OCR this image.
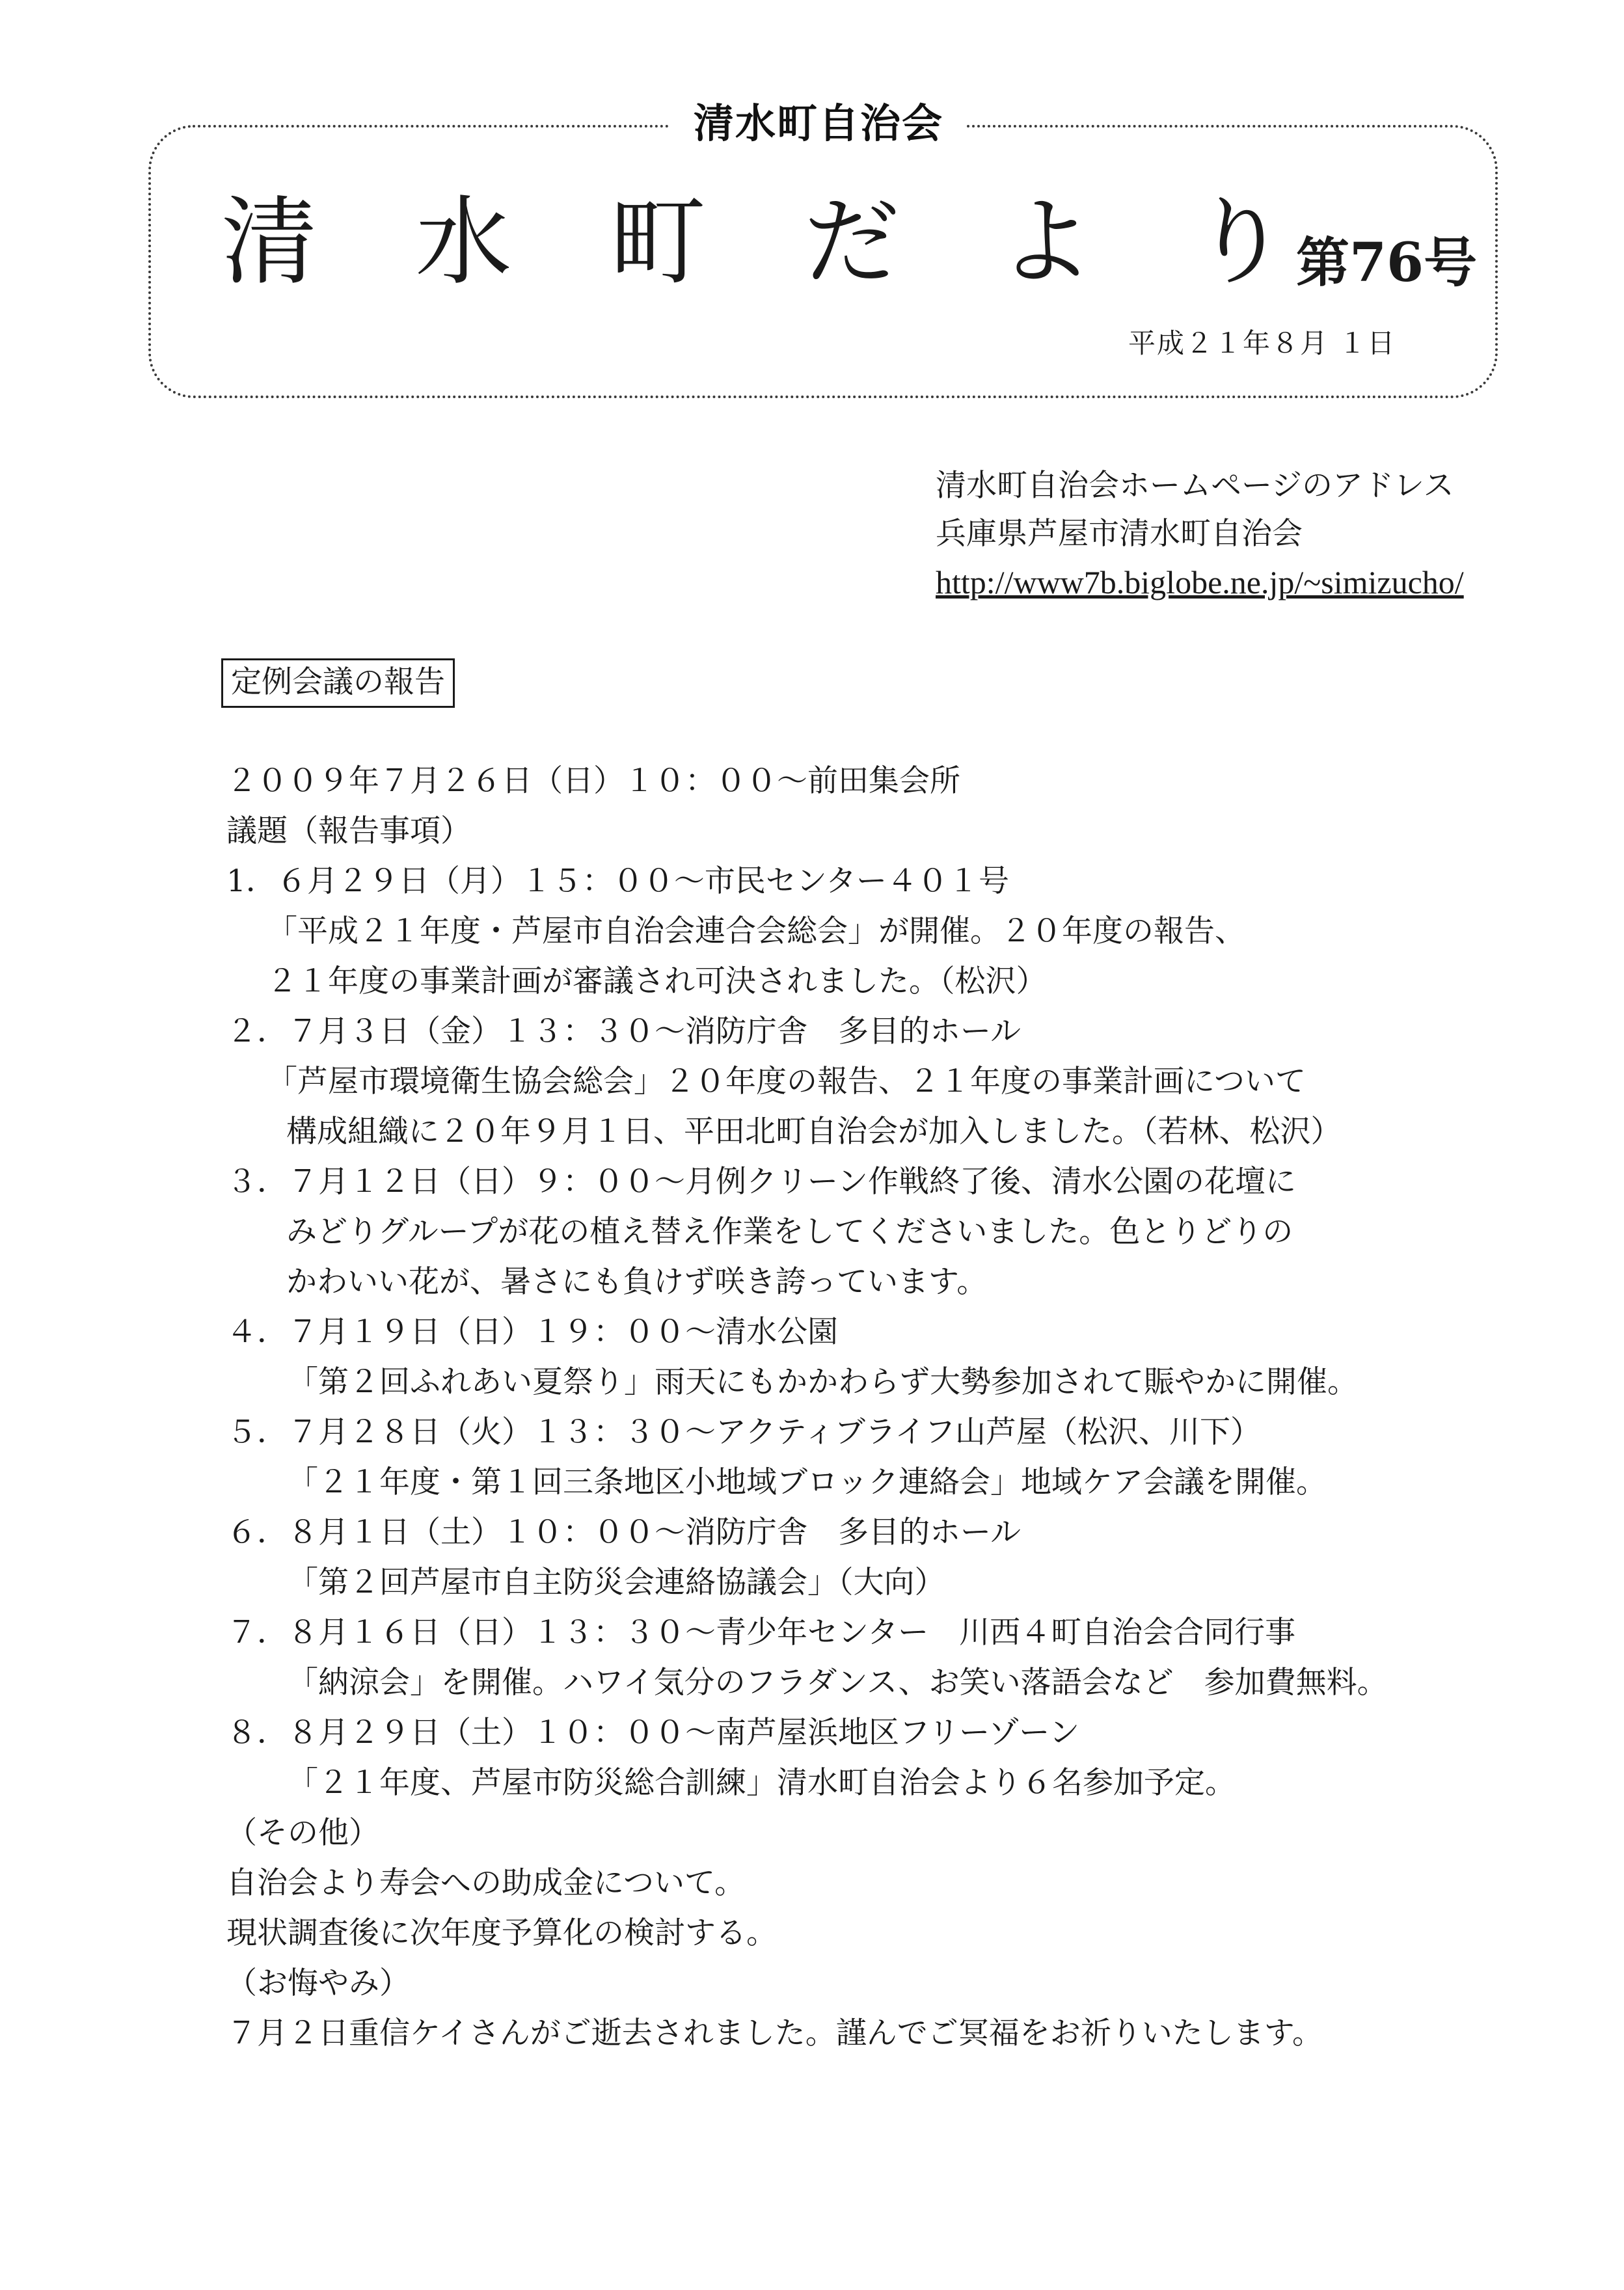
清水町自治会
清 水 町 だ よ り 第76号
平成２１年８月 １日
清水町自治会ホームページのアドレス
兵庫県芦屋市清水町自治会
http://www7b.biglobe.ne.jp/~simizucho/
定例会議の報告
２００９年７月２６日（日）１０：００～前田集会所
議題（報告事項）
1．６月２９日（月）１５：００～市民センター４０１号
「平成２１年度・芦屋市自治会連合会総会」が開催。２０年度の報告、
２１年度の事業計画が審議され可決されました。（松沢）
２．７月３日（金）１３：３０～消防庁舎　多目的ホール
「芦屋市環境衛生協会総会」２０年度の報告、２１年度の事業計画について
構成組織に２０年９月１日、平田北町自治会が加入しました。（若林、松沢）
３．７月１２日（日）９：００～月例クリーン作戦終了後、清水公園の花壇に
みどりグループが花の植え替え作業をしてくださいました。色とりどりの
かわいい花が、暑さにも負けず咲き誇っています。
４．７月１９日（日）１９：００～清水公園
「第２回ふれあい夏祭り」雨天にもかかわらず大勢参加されて賑やかに開催。
５．７月２８日（火）１３：３０～アクティブライフ山芦屋（松沢、川下）
「２１年度・第１回三条地区小地域ブロック連絡会」地域ケア会議を開催。
６．８月１日（土）１０：００～消防庁舎　多目的ホール
「第２回芦屋市自主防災会連絡協議会」（大向）
７．８月１６日（日）１３：３０～青少年センター　川西４町自治会合同行事
「納涼会」を開催。ハワイ気分のフラダンス、お笑い落語会など　参加費無料。
８．８月２９日（土）１０：００～南芦屋浜地区フリーゾーン
「２１年度、芦屋市防災総合訓練」清水町自治会より６名参加予定。
（その他）
自治会より寿会への助成金について。
現状調査後に次年度予算化の検討する。
（お悔やみ）
７月２日重信ケイさんがご逝去されました。謹んでご冥福をお祈りいたします。
